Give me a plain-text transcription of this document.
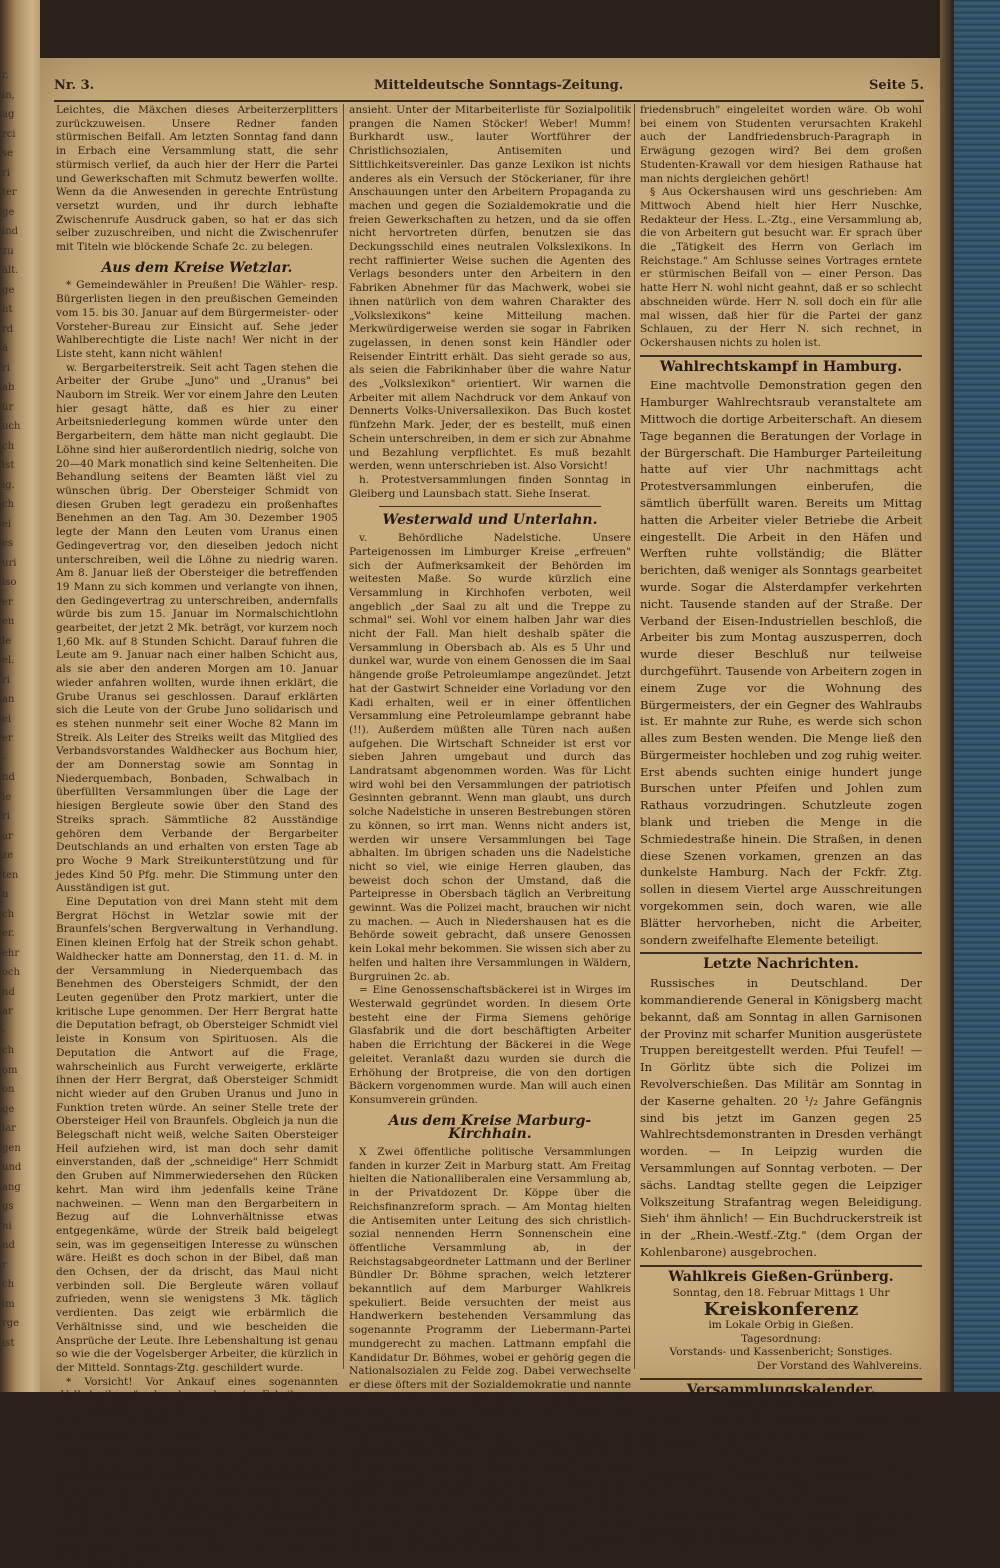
r.
in,
ag
rci
se
ri
ter
ge
ind
zu
ält.
ge
ht
rd
ä
ri
ab
ür
uch
ch
ist
ig.
ch
ei
es
uri
iso
er
en
le
el.
ri
an
ei
er
-
nd
ie
ri
ar
ze
ten
n
ch
er.
ehr
och
nd
ar
-
ch
om
on
ge
iar
gen
und
ang
gs
ni
nd
r
ch
im
rge
ist
Nr. 3.	Mitteldeutsche Sonntags-Zeitung.	Seite 5.

Leichtes, die Mäxchen dieses Arbeiterzerplitters zurückzuweisen. Unsere Redner fanden stürmischen Beifall. Am letzten Sonntag fand dann in Erbach eine Versammlung statt, die sehr stürmisch verlief, da auch hier der Herr die Partei und Gewerkschaften mit Schmutz bewerfen wollte. Wenn da die Anwesenden in gerechte Entrüstung versetzt wurden, und ihr durch lebhafte Zwischenrufe Ausdruck gaben, so hat er das sich selber zuzuschreiben, und nicht die Zwischenrufer mit Titeln wie blöckende Schafe 2c. zu belegen.

Aus dem Kreise Wetzlar.

* Gemeindewähler in Preußen! Die Wähler- resp. Bürgerlisten liegen in den preußischen Gemeinden vom 15. bis 30. Januar auf dem Bürgermeister- oder Vorsteher-Bureau zur Einsicht auf. Sehe jeder Wahlberechtigte die Liste nach! Wer nicht in der Liste steht, kann nicht wählen!

w. Bergarbeiterstreik. Seit acht Tagen stehen die Arbeiter der Grube „Juno" und „Uranus" bei Nauborn im Streik. Wer vor einem Jahre den Leuten hier gesagt hätte, daß es hier zu einer Arbeitsniederlegung kommen würde unter den Bergarbeitern, dem hätte man nicht geglaubt. Die Löhne sind hier außerordentlich niedrig, solche von 20—40 Mark monatlich sind keine Seltenheiten. Die Behandlung seitens der Beamten läßt viel zu wünschen übrig. Der Obersteiger Schmidt von diesen Gruben legt geradezu ein proßenhaftes Benehmen an den Tag. Am 30. Dezember 1905 legte der Mann den Leuten vom Uranus einen Gedingevertrag vor, den dieselben jedoch nicht unterschreiben, weil die Löhne zu niedrig waren. Am 8. Januar ließ der Obersteiger die betreffenden 19 Mann zu sich kommen und verlangte von ihnen, den Gedingevertrag zu unterschreiben, andernfalls würde bis zum 15. Januar im Normalschichtlohn gearbeitet, der jetzt 2 Mk. beträgt, vor kurzem noch 1,60 Mk. auf 8 Stunden Schicht. Darauf fuhren die Leute am 9. Januar nach einer halben Schicht aus, als sie aber den anderen Morgen am 10. Januar wieder anfahren wollten, wurde ihnen erklärt, die Grube Uranus sei geschlossen. Darauf erklärten sich die Leute von der Grube Juno solidarisch und es stehen nunmehr seit einer Woche 82 Mann im Streik. Als Leiter des Streiks weilt das Mitglied des Verbandsvorstandes Waldhecker aus Bochum hier, der am Donnerstag sowie am Sonntag in Niederquembach, Bonbaden, Schwalbach in überfüllten Versammlungen über die Lage der hiesigen Bergleute sowie über den Stand des Streiks sprach. Sämmtliche 82 Ausständige gehören dem Verbande der Bergarbeiter Deutschlands an und erhalten von ersten Tage ab pro Woche 9 Mark Streikunterstützung und für jedes Kind 50 Pfg. mehr. Die Stimmung unter den Ausständigen ist gut.

Eine Deputation von drei Mann steht mit dem Bergrat Höchst in Wetzlar sowie mit der Braunfels'schen Bergverwaltung in Verhandlung. Einen kleinen Erfolg hat der Streik schon gehabt. Waldhecker hatte am Donnerstag, den 11. d. M. in der Versammlung in Niederquembach das Benehmen des Obersteigers Schmidt, der den Leuten gegenüber den Protz markiert, unter die kritische Lupe genommen. Der Herr Bergrat hatte die Deputation befragt, ob Obersteiger Schmidt viel leiste in Konsum von Spirituosen. Als die Deputation die Antwort auf die Frage, wahrscheinlich aus Furcht verweigerte, erklärte ihnen der Herr Bergrat, daß Obersteiger Schmidt nicht wieder auf den Gruben Uranus und Juno in Funktion treten würde. An seiner Stelle trete der Obersteiger Heil von Braunfels. Obgleich ja nun die Belegschaft nicht weiß, welche Saiten Obersteiger Heil aufziehen wird, ist man doch sehr damit einverstanden, daß der „schneidige" Herr Schmidt den Gruben auf Nimmerwiedersehen den Rücken kehrt. Man wird ihm jedenfalls keine Träne nachweinen. — Wenn man den Bergarbeitern in Bezug auf die Lohnverhältnisse etwas entgegenkäme, würde der Streik bald beigelegt sein, was im gegenseitigen Interesse zu wünschen wäre. Heißt es doch schon in der Bibel, daß man den Ochsen, der da drischt, das Maul nicht verbinden soll. Die Bergleute wären vollauf zufrieden, wenn sie wenigstens 3 Mk. täglich verdienten. Das zeigt wie erbärmlich die Verhältnisse sind, und wie bescheiden die Ansprüche der Leute. Ihre Lebenshaltung ist genau so wie die der Vogelsberger Arbeiter, die kürzlich in der Mitteld. Sonntags-Ztg. geschildert wurde.

* Vorsicht! Vor Ankauf eines sogenannten „Volkslexikons", das besonders in Fabriken von zudringlichen Reisenden den Arbeitern angeboten wird, und fünfzehn Mark kostet, warnt die Parteipresse. Das Volkslexikon ist nun ein Buch, dessen Wert keineswegs dem dafür gezahlten Preise entspricht. Insbesondere Arbeiter erleben jedesmal eine Enttäuschung, wenn sie es erhalten. Die nationalökonomischen und sozialpolitischen Artikel sind wissenschaftlich wertlos, voller unrichtiger Angaben und gehässiger Bemerkungen gegen die Arbeiterbewegung und Sozialdemokratie. Das wird begreiflich, wenn man sich die Mitarbeiterliste

ansieht. Unter der Mitarbeiterliste für Sozialpolitik prangen die Namen Stöcker! Weber! Mumm! Burkhardt usw., lauter Wortführer der Christlichsozialen, Antisemiten und Sittlichkeitsvereinler. Das ganze Lexikon ist nichts anderes als ein Versuch der Stöckerianer, für ihre Anschauungen unter den Arbeitern Propaganda zu machen und gegen die Sozialdemokratie und die freien Gewerkschaften zu hetzen, und da sie offen nicht hervortreten dürfen, benutzen sie das Deckungsschild eines neutralen Volkslexikons. In recht raffinierter Weise suchen die Agenten des Verlags besonders unter den Arbeitern in den Fabriken Abnehmer für das Machwerk, wobei sie ihnen natürlich von dem wahren Charakter des „Volkslexikons" keine Mitteilung machen. Merkwürdigerweise werden sie sogar in Fabriken zugelassen, in denen sonst kein Händler oder Reisender Eintritt erhält. Das sieht gerade so aus, als seien die Fabrikinhaber über die wahre Natur des „Volkslexikon" orientiert. Wir warnen die Arbeiter mit allem Nachdruck vor dem Ankauf von Dennerts Volks-Universallexikon. Das Buch kostet fünfzehn Mark. Jeder, der es bestellt, muß einen Schein unterschreiben, in dem er sich zur Abnahme und Bezahlung verpflichtet. Es muß bezahlt werden, wenn unterschrieben ist. Also Vorsicht!

h. Protestversammlungen finden Sonntag in Gleiberg und Launsbach statt. Siehe Inserat.

Westerwald und Unterlahn.

v. Behördliche Nadelstiche. Unsere Parteigenossen im Limburger Kreise „erfreuen" sich der Aufmerksamkeit der Behörden im weitesten Maße. So wurde kürzlich eine Versammlung in Kirchhofen verboten, weil angeblich „der Saal zu alt und die Treppe zu schmal" sei. Wohl vor einem halben Jahr war dies nicht der Fall. Man hielt deshalb später die Versammlung in Obersbach ab. Als es 5 Uhr und dunkel war, wurde von einem Genossen die im Saal hängende große Petroleumlampe angezündet. Jetzt hat der Gastwirt Schneider eine Vorladung vor den Kadi erhalten, weil er in einer öffentlichen Versammlung eine Petroleumlampe gebrannt habe (!!). Außerdem müßten alle Türen nach außen aufgehen. Die Wirtschaft Schneider ist erst vor sieben Jahren umgebaut und durch das Landratsamt abgenommen worden. Was für Licht wird wohl bei den Versammlungen der patriotisch Gesinnten gebrannt. Wenn man glaubt, uns durch solche Nadelstiche in unseren Bestrebungen stören zu können, so irrt man. Wenns nicht anders ist, werden wir unsere Versammlungen bei Tage abhalten. Im übrigen schaden uns die Nadelstiche nicht so viel, wie einige Herren glauben, das beweist doch schon der Umstand, daß die Parteipresse in Obersbach täglich an Verbreitung gewinnt. Was die Polizei macht, brauchen wir nicht zu machen. — Auch in Niedershausen hat es die Behörde soweit gebracht, daß unsere Genossen kein Lokal mehr bekommen. Sie wissen sich aber zu helfen und halten ihre Versammlungen in Wäldern, Burgruinen 2c. ab.

= Eine Genossenschaftsbäckerei ist in Wirges im Westerwald gegründet worden. In diesem Orte besteht eine der Firma Siemens gehörige Glasfabrik und die dort beschäftigten Arbeiter haben die Errichtung der Bäckerei in die Wege geleitet. Veranlaßt dazu wurden sie durch die Erhöhung der Brotpreise, die von den dortigen Bäckern vorgenommen wurde. Man will auch einen Konsumverein gründen.

Aus dem Kreise Marburg-Kirchhain.

X Zwei öffentliche politische Versammlungen fanden in kurzer Zeit in Marburg statt. Am Freitag hielten die Nationalliberalen eine Versammlung ab, in der Privatdozent Dr. Köppe über die Reichsfinanzreform sprach. — Am Montag hielten die Antisemiten unter Leitung des sich christlich-sozial nennenden Herrn Sonnenschein eine öffentliche Versammlung ab, in der Reichstagsabgeordneter Lattmann und der Berliner Bündler Dr. Böhme sprachen, welch letzterer bekanntlich auf dem Marburger Wahlkreis spekuliert. Beide versuchten der meist aus Handwerkern bestehenden Versammlung das sogenannte Programm der Liebermann-Partei mundgerecht zu machen. Lattmann empfahl die Kandidatur Dr. Böhmes, wobei er gehörig gegen die Nationalsozialen zu Felde zog. Dabei verwechselte er diese öfters mit der Sozialdemokratie und nannte sie „verkappte Sozialisten". Selbstverständlich fehlten auch die Verleumdungen gegen die Sozialdemokratie nicht.

○ Keine Studenten, sondern Arbeiter, sechs junge Burschen aus Cölbe, waren es, welche vorige Woche sich vor dem hiesigen Schöffengericht wegen eines kleinen Krakehls zu verantworten hatten. Fünf wurden freigesprochen und nur einer zu 30 Mk. verurteilt, allem wurde jedoch trotz der Freisprechung und der geringen Verurteilung bedeutet, daß die Sache nicht so harmlos gewesen, da anfänglich die Untersuchung wegen „Land-

friedensbruch" eingeleitet worden wäre. Ob wohl bei einem von Studenten verursachten Krakehl auch der Landfriedensbruch-Paragraph in Erwägung gezogen wird? Bei dem großen Studenten-Krawall vor dem hiesigen Rathause hat man nichts dergleichen gehört!

§ Aus Ockershausen wird uns geschrieben: Am Mittwoch Abend hielt hier Herr Nuschke, Redakteur der Hess. L.-Ztg., eine Versammlung ab, die von Arbeitern gut besucht war. Er sprach über die „Tätigkeit des Herrn von Gerlach im Reichstage." Am Schlusse seines Vortrages erntete er stürmischen Beifall von — einer Person. Das hatte Herr N. wohl nicht geahnt, daß er so schlecht abschneiden würde. Herr N. soll doch ein für alle mal wissen, daß hier für die Partei der ganz Schlauen, zu der Herr N. sich rechnet, in Ockershausen nichts zu holen ist.

Wahlrechtskampf in Hamburg.

Eine machtvolle Demonstration gegen den Hamburger Wahlrechtsraub veranstaltete am Mittwoch die dortige Arbeiterschaft. An diesem Tage begannen die Beratungen der Vorlage in der Bürgerschaft. Die Hamburger Parteileitung hatte auf vier Uhr nachmittags acht Protestversammlungen einberufen, die sämtlich überfüllt waren. Bereits um Mittag hatten die Arbeiter vieler Betriebe die Arbeit eingestellt. Die Arbeit in den Häfen und Werften ruhte vollständig; die Blätter berichten, daß weniger als Sonntags gearbeitet wurde. Sogar die Alsterdampfer verkehrten nicht. Tausende standen auf der Straße. Der Verband der Eisen-Industriellen beschloß, die Arbeiter bis zum Montag auszusperren, doch wurde dieser Beschluß nur teilweise durchgeführt. Tausende von Arbeitern zogen in einem Zuge vor die Wohnung des Bürgermeisters, der ein Gegner des Wahlraubs ist. Er mahnte zur Ruhe, es werde sich schon alles zum Besten wenden. Die Menge ließ den Bürgermeister hochleben und zog ruhig weiter. Erst abends suchten einige hundert junge Burschen unter Pfeifen und Johlen zum Rathaus vorzudringen. Schutzleute zogen blank und trieben die Menge in die Schmiedestraße hinein. Die Straßen, in denen diese Szenen vorkamen, grenzen an das dunkelste Hamburg. Nach der Fckfr. Ztg. sollen in diesem Viertel arge Ausschreitungen vorgekommen sein, doch waren, wie alle Blätter hervorheben, nicht die Arbeiter, sondern zweifelhafte Elemente beteiligt.

Letzte Nachrichten.

Russisches in Deutschland. Der kommandierende General in Königsberg macht bekannt, daß am Sonntag in allen Garnisonen der Provinz mit scharfer Munition ausgerüstete Truppen bereitgestellt werden. Pfui Teufel! — In Görlitz übte sich die Polizei im Revolverschießen. Das Militär am Sonntag in der Kaserne gehalten. 20 ¹/₂ Jahre Gefängnis sind bis jetzt im Ganzen gegen 25 Wahlrechtsdemonstranten in Dresden verhängt worden. — In Leipzig wurden die Versammlungen auf Sonntag verboten. — Der sächs. Landtag stellte gegen die Leipziger Volkszeitung Strafantrag wegen Beleidigung. Sieh' ihm ähnlich! — Ein Buchdruckerstreik ist in der „Rhein.-Westf.-Ztg." (dem Organ der Kohlenbarone) ausgebrochen.

Wahlkreis Gießen-Grünberg.

Sonntag, den 18. Februar Mittags 1 Uhr

Kreiskonferenz

im Lokale Orbig in Gießen.

Tagesordnung:

Vorstands- und Kassenbericht; Sonstiges.

Der Vorstand des Wahlvereins.

Versammlungskalender.

Samstag, 20. Januar.

Gießen. Holzarbeiter. Abends 9 Uhr Versammlung bei Löb. — Metallarbeiter abends 9 Uhr Versammlung bei Orbig.

Sonntag, den 21. Januar.

Heuchelheim. Tabakarbeiter. Nachmittags 3 Uhr Versammlung bei Wirt Aug. Rinn.

Sonntag, den 28. Januar.

Großen-Buseck. Wahlverein. Nachmittags ¹/₂3 Uhr Versammlung bei Wirt Siegfried am Bahnhof. T.-Ord.: 1. Jahresabrechnung 2. Vorstandswahl.
